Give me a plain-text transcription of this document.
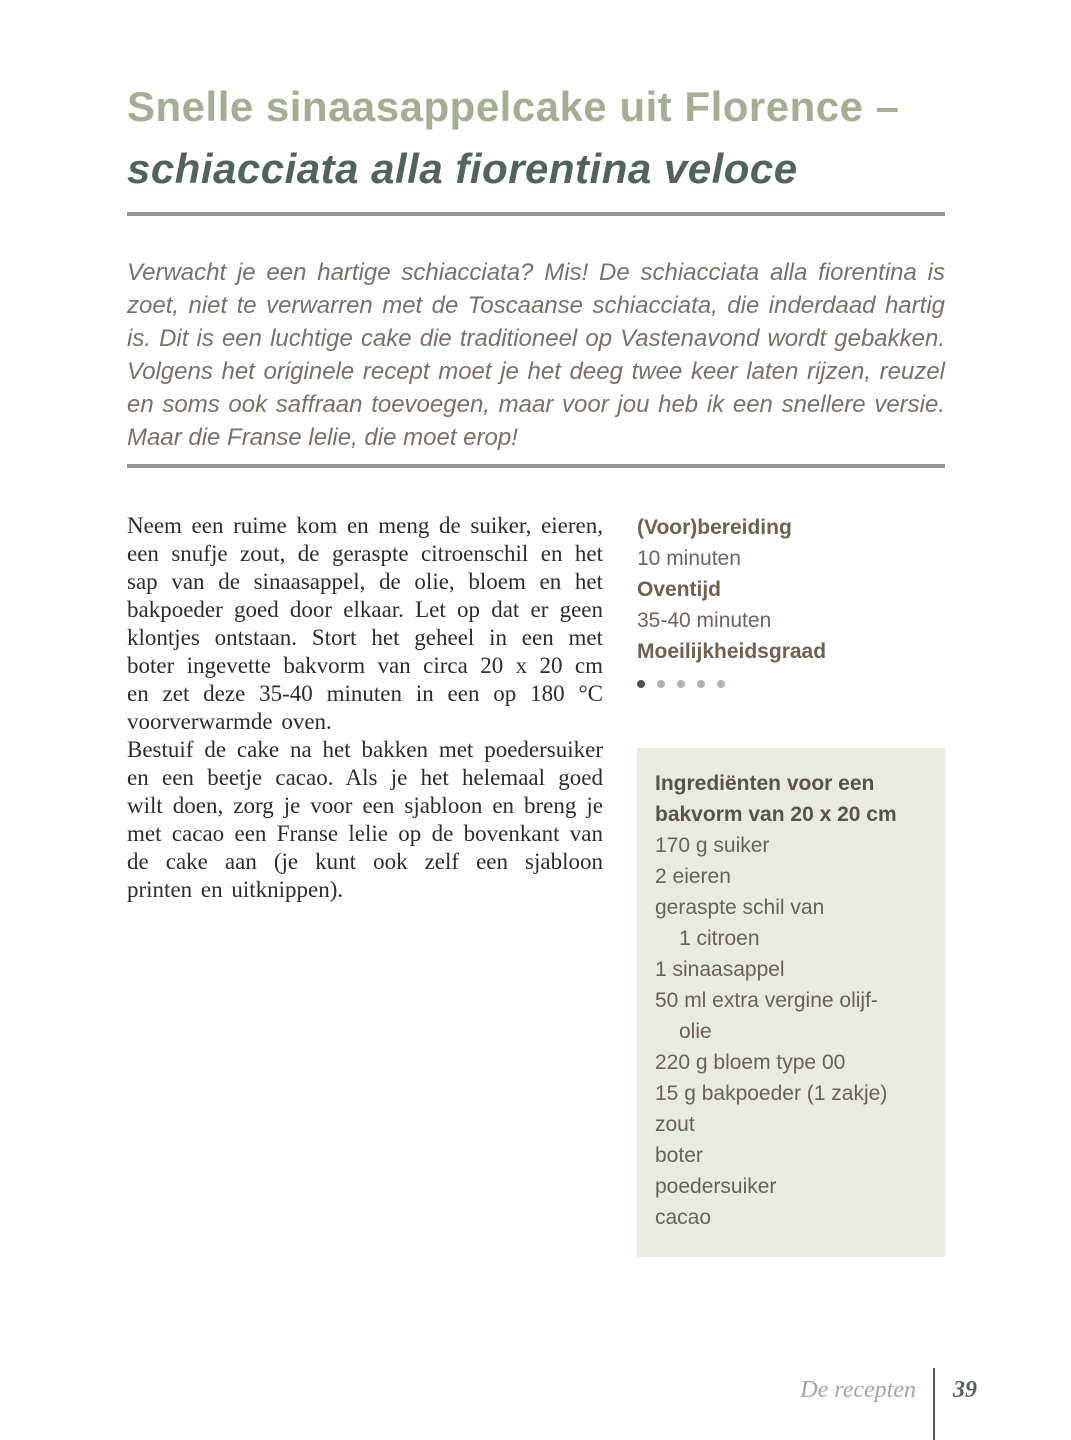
Snelle sinaasappelcake uit Florence –
schiacciata alla fiorentina veloce

Verwacht je een hartige schiacciata? Mis! De schiacciata alla fiorentina is zoet, niet te verwarren met de Toscaanse schiacciata, die inderdaad hartig is. Dit is een luchtige cake die traditioneel op Vastenavond wordt gebakken. Volgens het originele recept moet je het deeg twee keer laten rijzen, reuzel en soms ook saffraan toevoegen, maar voor jou heb ik een snellere versie. Maar die Franse lelie, die moet erop!

Neem een ruime kom en meng de suiker, eieren, een snufje zout, de geraspte citroenschil en het sap van de sinaasappel, de olie, bloem en het bakpoeder goed door elkaar. Let op dat er geen klontjes ontstaan. Stort het geheel in een met boter ingevette bakvorm van circa 20 x 20 cm en zet deze 35-40 minuten in een op 180 °C voorverwarmde oven.

Bestuif de cake na het bakken met poedersuiker en een beetje cacao. Als je het helemaal goed wilt doen, zorg je voor een sjabloon en breng je met cacao een Franse lelie op de bovenkant van de cake aan (je kunt ook zelf een sjabloon printen en uitknippen).

(Voor)bereiding
10 minuten
Oventijd
35-40 minuten
Moeilijkheidsgraad
Ingrediënten voor een
bakvorm van 20 x 20 cm
170 g suiker
2 eieren
geraspte schil van
1 citroen
1 sinaasappel
50 ml extra vergine olijf-
olie
220 g bloem type 00
15 g bakpoeder (1 zakje)
zout
boter
poedersuiker
cacao
De recepten 39
